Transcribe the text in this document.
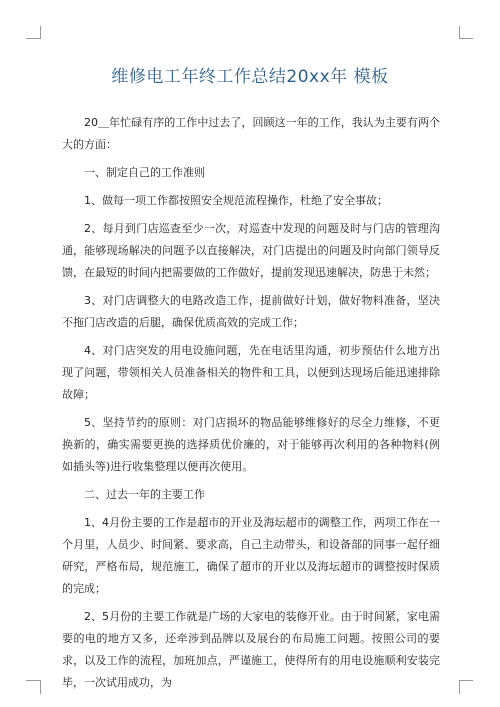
维修电工年终工作总结20xx年 模板

20＿年忙碌有序的工作中过去了，回顾这一年的工作，我认为主要有两个大的方面：

一、制定自己的工作准则

1、做每一项工作都按照安全规范流程操作，杜绝了安全事故；

2、每月到门店巡查至少一次，对巡查中发现的问题及时与门店的管理沟通，能够现场解决的问题予以直接解决，对门店提出的问题及时向部门领导反馈，在最短的时间内把需要做的工作做好，提前发现迅速解决，防患于未然；

3、对门店调整大的电路改造工作，提前做好计划，做好物料准备，坚决不拖门店改造的后腿，确保优质高效的完成工作；

4、对门店突发的用电设施问题，先在电话里沟通，初步预估什么地方出现了问题，带领相关人员准备相关的物件和工具，以便到达现场后能迅速排除故障；

5、坚持节约的原则：对门店损坏的物品能够维修好的尽全力维修，不更换新的，确实需要更换的选择质优价廉的，对于能够再次利用的各种物料(例如插头等)进行收集整理以便再次使用。

二、过去一年的主要工作

1、4月份主要的工作是超市的开业及海坛超市的调整工作，两项工作在一个月里，人员少、时间紧、要求高，自己主动带头，和设备部的同事一起仔细研究，严格布局，规范施工，确保了超市的开业以及海坛超市的调整按时保质的完成；

2、5月份的主要工作就是广场的大家电的装修开业。由于时间紧，家电需要的电的地方又多，还牵涉到品牌以及展台的布局施工问题。按照公司的要求，以及工作的流程，加班加点，严谨施工，使得所有的用电设施顺利安装完毕，一次试用成功，为
